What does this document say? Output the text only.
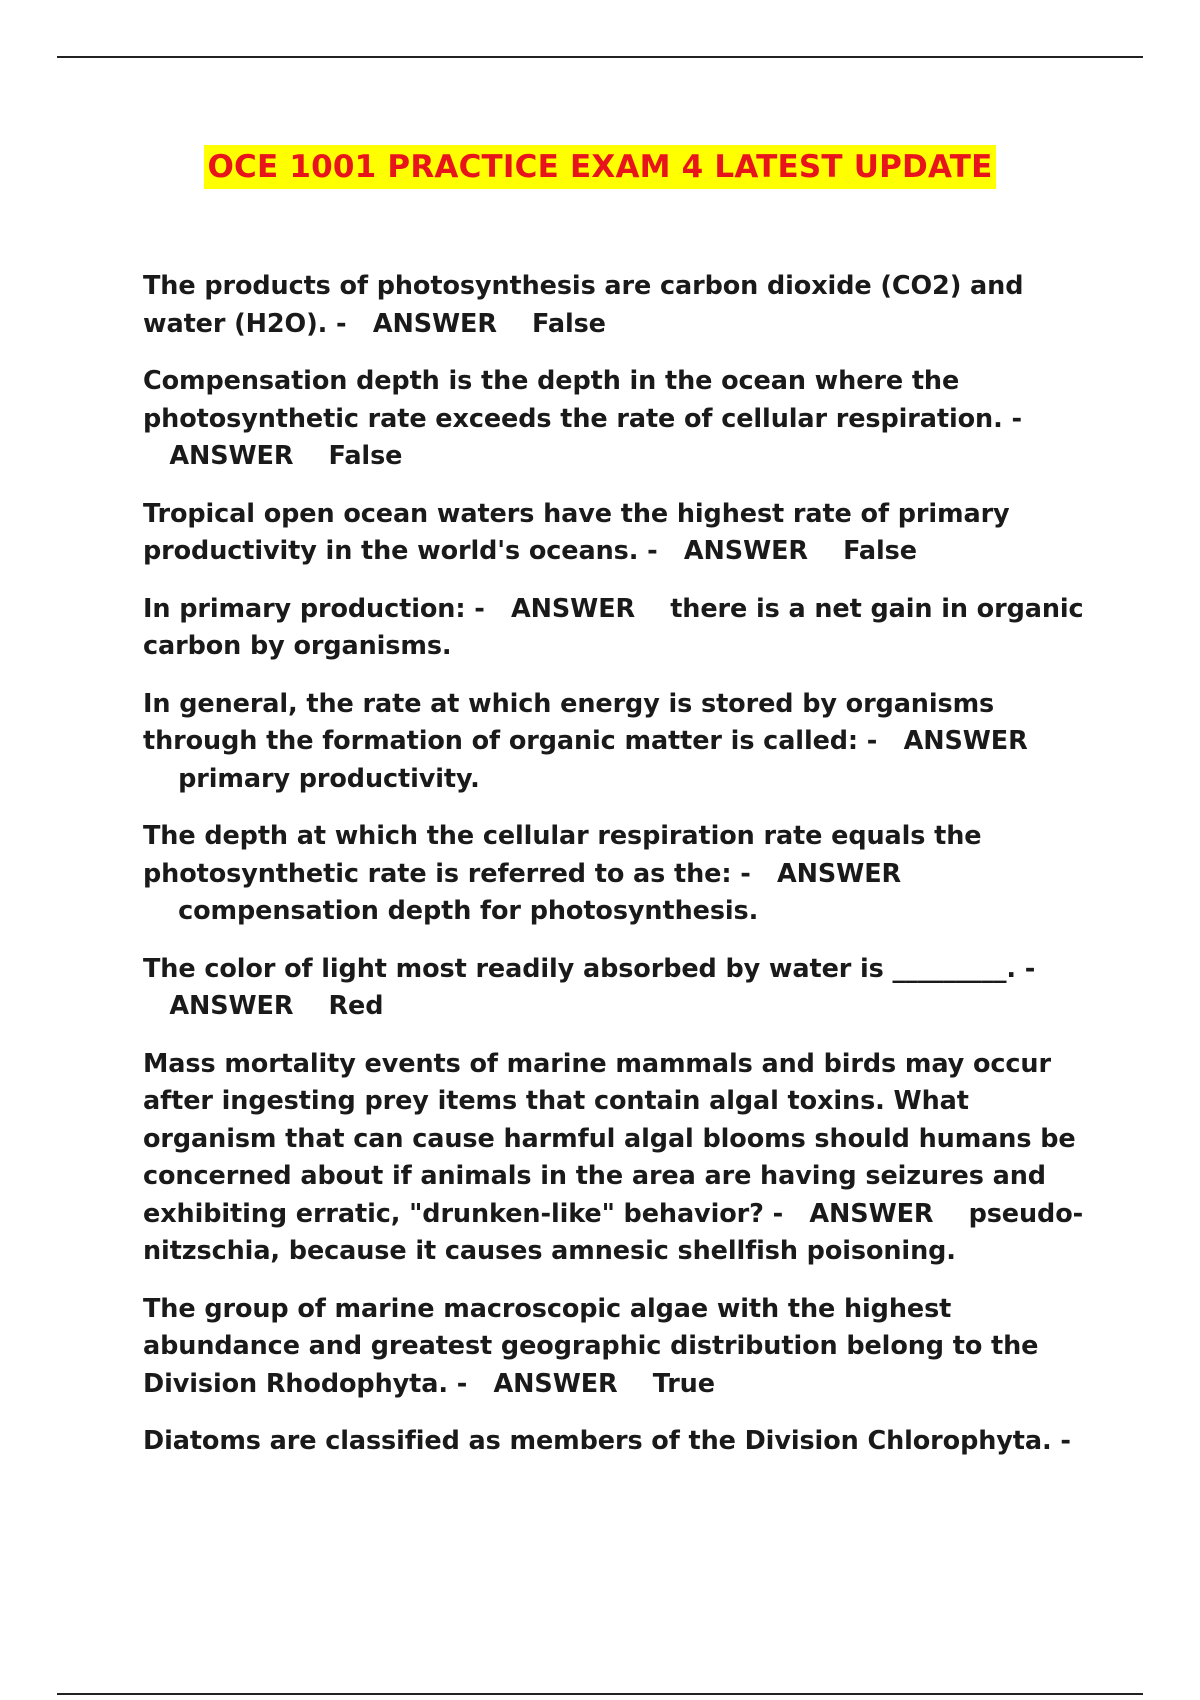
OCE 1001 PRACTICE EXAM 4 LATEST UPDATE

The products of photosynthesis are carbon dioxide (CO2) and water (H2O). - ANSWER False

Compensation depth is the depth in the ocean where the photosynthetic rate exceeds the rate of cellular respiration. -   ANSWER False

Tropical open ocean waters have the highest rate of primary productivity in the world's oceans. - ANSWER False

In primary production: - ANSWER there is a net gain in organic carbon by organisms.

In general, the rate at which energy is stored by organisms through the formation of organic matter is called: - ANSWER    primary productivity.

The depth at which the cellular respiration rate equals the photosynthetic rate is referred to as the: - ANSWER    compensation depth for photosynthesis.

The color of light most readily absorbed by water is _________. -   ANSWER Red

Mass mortality events of marine mammals and birds may occur after ingesting prey items that contain algal toxins. What organism that can cause harmful algal blooms should humans be concerned about if animals in the area are having seizures and exhibiting erratic, "drunken-like" behavior? - ANSWER pseudo-nitzschia, because it causes amnesic shellfish poisoning.

The group of marine macroscopic algae with the highest abundance and greatest geographic distribution belong to the Division Rhodophyta. - ANSWER True

Diatoms are classified as members of the Division Chlorophyta. -
